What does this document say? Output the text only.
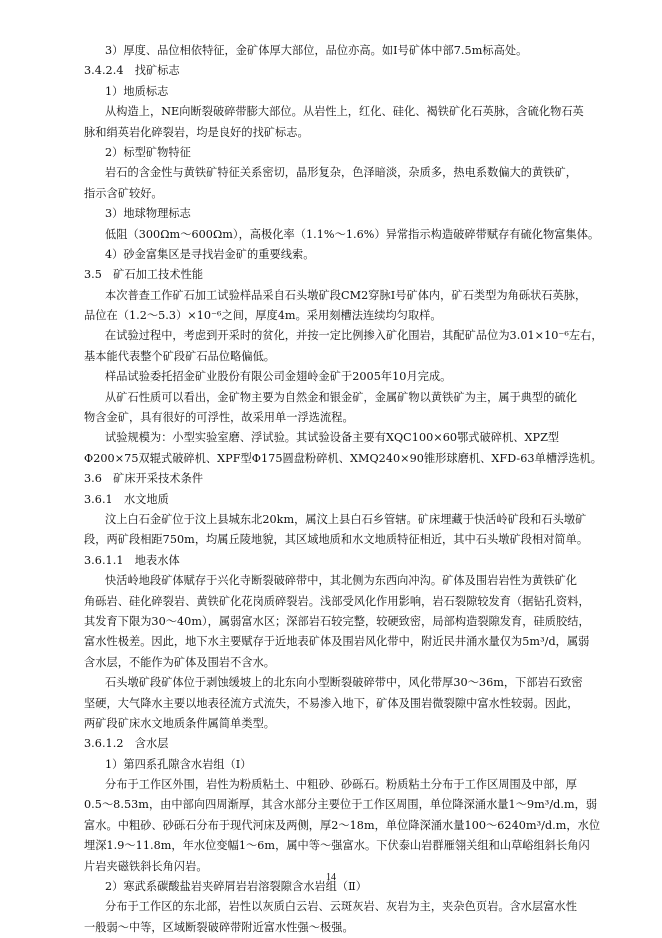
3）厚度、品位相依特征，金矿体厚大部位，品位亦高。如Ⅰ号矿体中部7.5m标高处。
3.4.2.4　找矿标志
1）地质标志
从构造上，NE向断裂破碎带膨大部位。从岩性上，红化、硅化、褐铁矿化石英脉，含硫化物石英
脉和绢英岩化碎裂岩，均是良好的找矿标志。
2）标型矿物特征
岩石的含金性与黄铁矿特征关系密切，晶形复杂，色泽暗淡，杂质多，热电系数偏大的黄铁矿，
指示含矿较好。
3）地球物理标志
低阻（300Ωm～600Ωm），高极化率（1.1%～1.6%）异常指示构造破碎带赋存有硫化物富集体。
4）砂金富集区是寻找岩金矿的重要线索。
3.5　矿石加工技术性能
本次普查工作矿石加工试验样品采自石头墩矿段CM2穿脉Ⅰ号矿体内，矿石类型为角砾状石英脉，
品位在（1.2～5.3）×10⁻⁶之间，厚度4m。采用刻槽法连续均匀取样。
在试验过程中，考虑到开采时的贫化，并按一定比例掺入矿化围岩，其配矿品位为3.01×10⁻⁶左右，
基本能代表整个矿段矿石品位略偏低。
样品试验委托招金矿业股份有限公司金翅岭金矿于2005年10月完成。
从矿石性质可以看出，金矿物主要为自然金和银金矿，金属矿物以黄铁矿为主，属于典型的硫化
物含金矿，具有很好的可浮性，故采用单一浮选流程。
试验规模为：小型实验室磨、浮试验。其试验设备主要有XQC100×60鄂式破碎机、XPZ型
Φ200×75双辊式破碎机、XPF型Φ175圆盘粉碎机、XMQ240×90锥形球磨机、XFD-63单槽浮选机。
3.6　矿床开采技术条件
3.6.1　水文地质
汶上白石金矿位于汶上县城东北20km，属汶上县白石乡管辖。矿床埋藏于快活岭矿段和石头墩矿
段，两矿段相距750m，均属丘陵地貌，其区域地质和水文地质特征相近，其中石头墩矿段相对简单。
3.6.1.1　地表水体
快活岭地段矿体赋存于兴化寺断裂破碎带中，其北侧为东西向冲沟。矿体及围岩岩性为黄铁矿化
角砾岩、硅化碎裂岩、黄铁矿化花岗质碎裂岩。浅部受风化作用影响，岩石裂隙较发育（据钻孔资料，
其发育下限为30～40m），属弱富水区；深部岩石较完整，较硬致密，局部构造裂隙发育，硅质胶结，
富水性极差。因此，地下水主要赋存于近地表矿体及围岩风化带中，附近民井涌水量仅为5m³/d，属弱
含水层，不能作为矿体及围岩不含水。
石头墩矿段矿体位于剥蚀缓坡上的北东向小型断裂破碎带中，风化带厚30～36m，下部岩石致密
坚硬，大气降水主要以地表径流方式流失，不易渗入地下，矿体及围岩微裂隙中富水性较弱。因此，
两矿段矿床水文地质条件属简单类型。
3.6.1.2　含水层
1）第四系孔隙含水岩组（Ⅰ）
分布于工作区外围，岩性为粉质粘土、中粗砂、砂砾石。粉质粘土分布于工作区周围及中部，厚
0.5～8.53m，由中部向四周渐厚，其含水部分主要位于工作区周围，单位降深涌水量1～9m³/d.m，弱
富水。中粗砂、砂砾石分布于现代河床及两侧，厚2～18m，单位降深涌水量100～6240m³/d.m，水位
埋深1.9～11.8m，年水位变幅1～6m，属中等～强富水。下伏泰山岩群雁翎关组和山草峪组斜长角闪
片岩夹磁铁斜长角闪岩。
2）寒武系碳酸盐岩夹碎屑岩岩溶裂隙含水岩组（Ⅱ）
分布于工作区的东北部，岩性以灰质白云岩、云斑灰岩、灰岩为主，夹杂色页岩。含水层富水性
一般弱～中等，区域断裂破碎带附近富水性强～极强。
14
